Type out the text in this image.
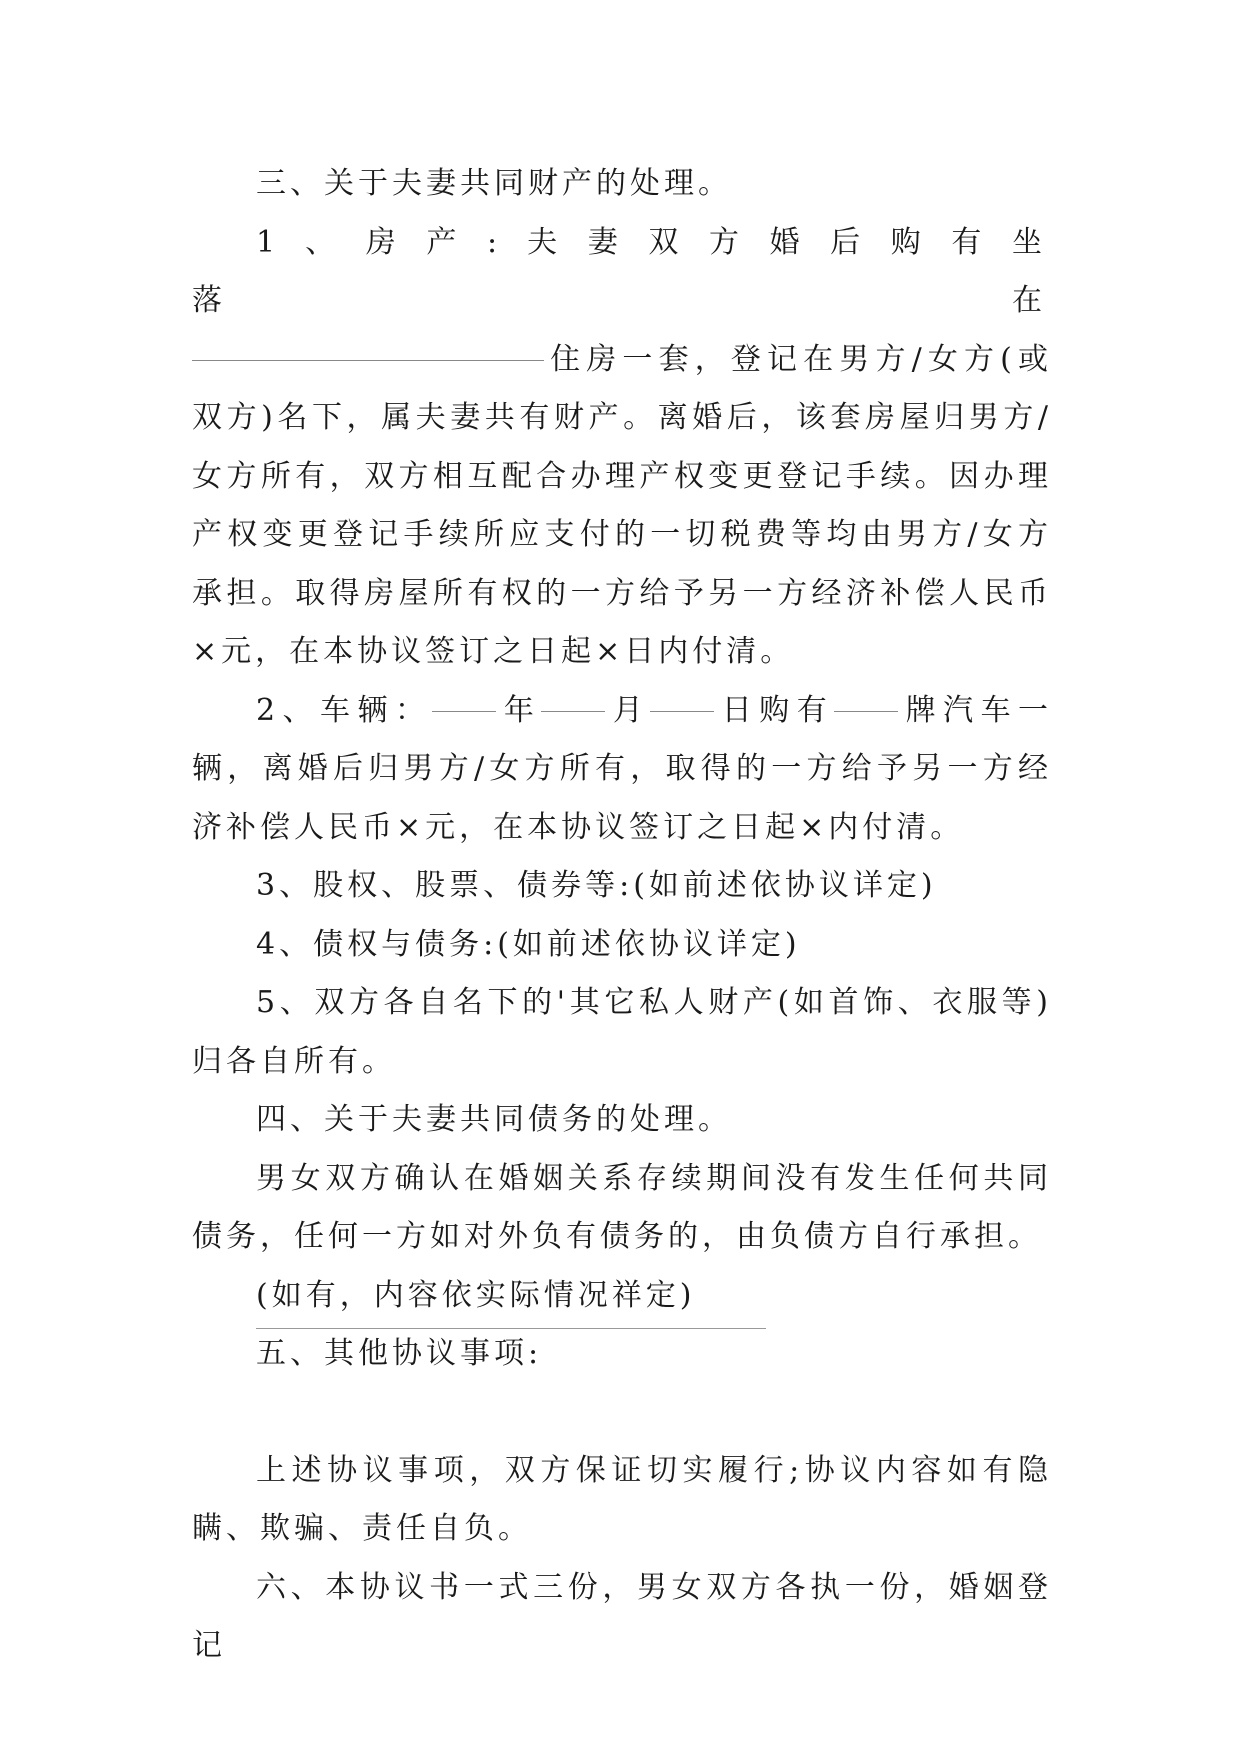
三、关于夫妻共同财产的处理。

1 、 房 产 : 夫 妻 双 方 婚 后 购 有 坐 落 在

住房一套，登记在男方/女方(或双方)名下，属夫妻共有财产。离婚后，该套房屋归男方/女方所有，双方相互配合办理产权变更登记手续。因办理产权变更登记手续所应支付的一切税费等均由男方/女方承担。取得房屋所有权的一方给予另一方经济补偿人民币×元，在本协议签订之日起×日内付清。

2、车辆： 年 月 日购有 牌汽车一辆，离婚后归男方/女方所有，取得的一方给予另一方经济补偿人民币×元，在本协议签订之日起×内付清。

3、股权、股票、债券等:(如前述依协议详定)

4、债权与债务:(如前述依协议详定)

5、双方各自名下的'其它私人财产(如首饰、衣服等)归各自所有。

四、关于夫妻共同债务的处理。

男女双方确认在婚姻关系存续期间没有发生任何共同债务，任何一方如对外负有债务的，由负债方自行承担。

(如有，内容依实际情况祥定)

五、其他协议事项:

上述协议事项，双方保证切实履行;协议内容如有隐瞒、欺骗、责任自负。

六、本协议书一式三份，男女双方各执一份，婚姻登记
